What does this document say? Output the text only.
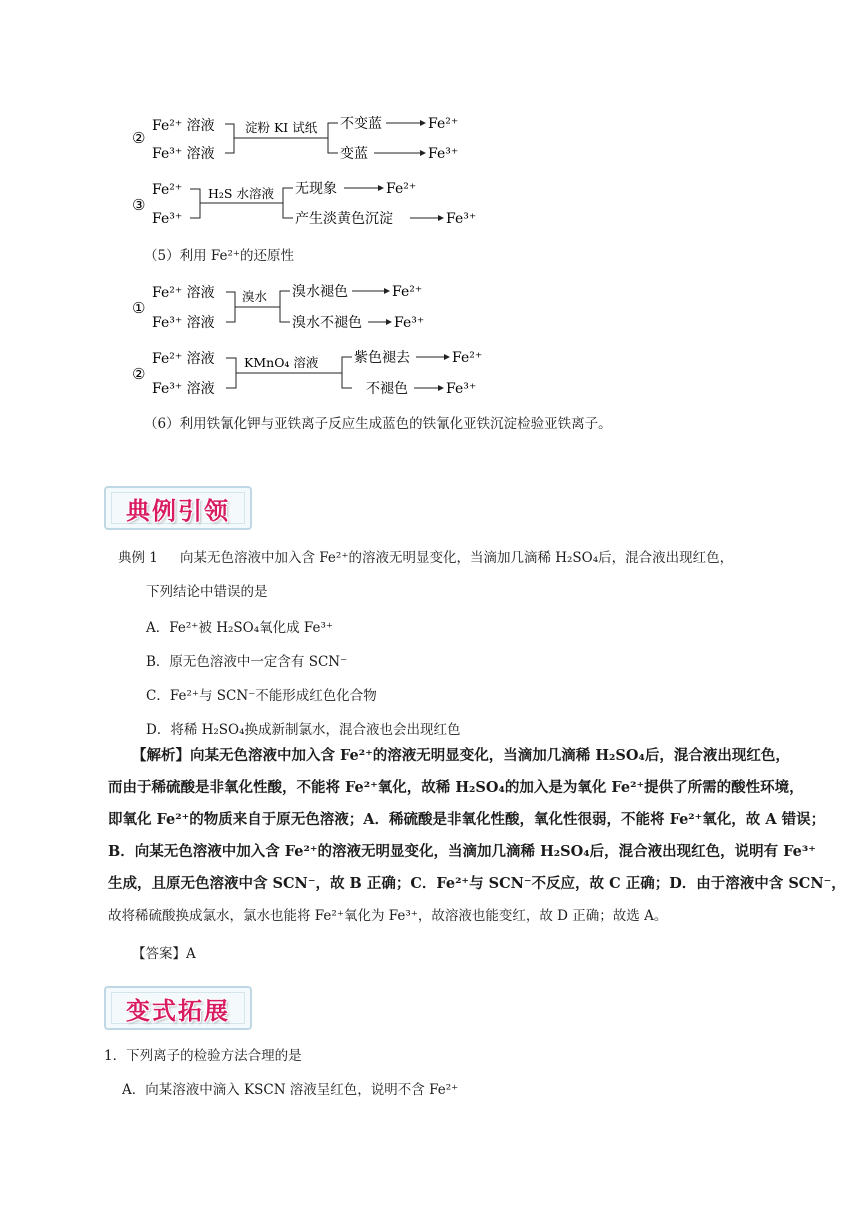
②
Fe²⁺ 溶液
Fe³⁺ 溶液
淀粉 KI 试纸 不变蓝	Fe²⁺
变蓝	Fe³⁺
③
Fe²⁺
Fe³⁺
H₂S 水溶液 无现象	Fe²⁺
产生淡黄色沉淀	Fe³⁺
（5）利用 Fe²⁺的还原性
①
Fe²⁺ 溶液
Fe³⁺ 溶液
溴水 溴水褪色	Fe²⁺
溴水不褪色 Fe³⁺
②
Fe²⁺ 溶液
Fe³⁺ 溶液
KMnO₄ 溶液	紫色褪去	Fe²⁺
不褪色	Fe³⁺
（6）利用铁氰化钾与亚铁离子反应生成蓝色的铁氰化亚铁沉淀检验亚铁离子。
典例引领
典例 1 向某无色溶液中加入含 Fe²⁺的溶液无明显变化，当滴加几滴稀 H₂SO₄后，混合液出现红色，
下列结论中错误的是
A．Fe²⁺被 H₂SO₄氧化成 Fe³⁺
B．原无色溶液中一定含有 SCN⁻
C．Fe²⁺与 SCN⁻不能形成红色化合物
D．将稀 H₂SO₄换成新制氯水，混合液也会出现红色
【解析】向某无色溶液中加入含 Fe²⁺的溶液无明显变化，当滴加几滴稀 H₂SO₄后，混合液出现红色，
而由于稀硫酸是非氧化性酸，不能将 Fe²⁺氧化，故稀 H₂SO₄的加入是为氧化 Fe²⁺提供了所需的酸性环境，
即氧化 Fe²⁺的物质来自于原无色溶液；A．稀硫酸是非氧化性酸，氧化性很弱，不能将 Fe²⁺氧化，故 A 错误；
B．向某无色溶液中加入含 Fe²⁺的溶液无明显变化，当滴加几滴稀 H₂SO₄后，混合液出现红色，说明有 Fe³⁺
生成，且原无色溶液中含 SCN⁻，故 B 正确；C．Fe²⁺与 SCN⁻不反应，故 C 正确；D．由于溶液中含 SCN⁻，
故将稀硫酸换成氯水，氯水也能将 Fe²⁺氧化为 Fe³⁺，故溶液也能变红，故 D 正确；故选 A。
【答案】A
变式拓展
1．下列离子的检验方法合理的是
A．向某溶液中滴入 KSCN 溶液呈红色，说明不含 Fe²⁺
